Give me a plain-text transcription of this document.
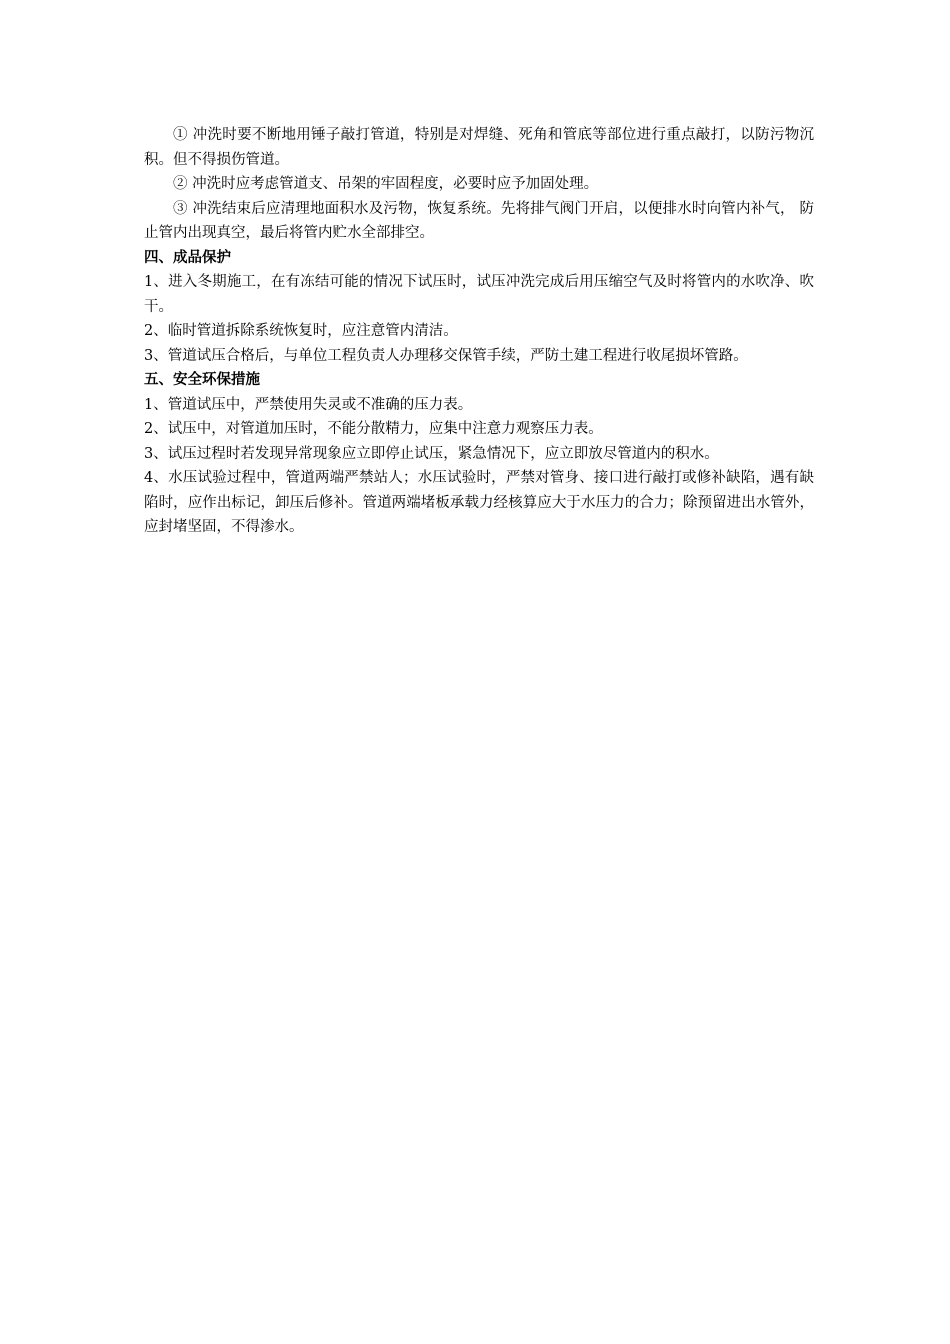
① 冲洗时要不断地用锤子敲打管道，特别是对焊缝、死角和管底等部位进行重点敲打，以防污物沉积。但不得损伤管道。

② 冲洗时应考虑管道支、吊架的牢固程度，必要时应予加固处理。

③ 冲洗结束后应清理地面积水及污物，恢复系统。先将排气阀门开启，以便排水时向管内补气， 防止管内出现真空，最后将管内贮水全部排空。

四、成品保护

1、进入冬期施工，在有冻结可能的情况下试压时，试压冲洗完成后用压缩空气及时将管内的水吹净、吹干。

2、临时管道拆除系统恢复时，应注意管内清洁。

3、管道试压合格后，与单位工程负责人办理移交保管手续，严防土建工程进行收尾损坏管路。

五、安全环保措施

1、管道试压中，严禁使用失灵或不准确的压力表。

2、试压中，对管道加压时，不能分散精力，应集中注意力观察压力表。

3、试压过程时若发现异常现象应立即停止试压，紧急情况下，应立即放尽管道内的积水。

4、水压试验过程中，管道两端严禁站人；水压试验时，严禁对管身、接口进行敲打或修补缺陷，遇有缺陷时，应作出标记，卸压后修补。管道两端堵板承载力经核算应大于水压力的合力；除预留进出水管外，应封堵坚固，不得渗水。
